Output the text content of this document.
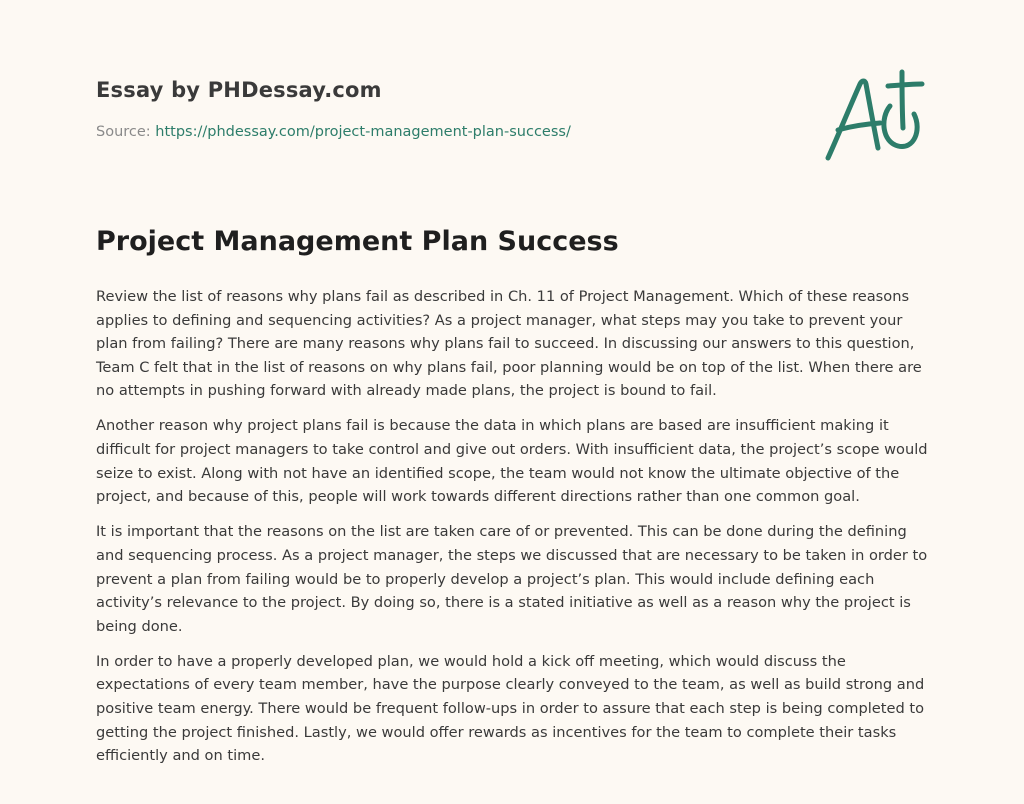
Essay by PHDessay.com
Source: https://phdessay.com/project-management-plan-success/
Project Management Plan Success

Review the list of reasons why plans fail as described in Ch. 11 of Project Management. Which of these reasons applies to defining and sequencing activities? As a project manager, what steps may you take to prevent your plan from failing? There are many reasons why plans fail to succeed. In discussing our answers to this question, Team C felt that in the list of reasons on why plans fail, poor planning would be on top of the list. When there are no attempts in pushing forward with already made plans, the project is bound to fail.

Another reason why project plans fail is because the data in which plans are based are insufficient making it difficult for project managers to take control and give out orders. With insufficient data, the project’s scope would seize to exist. Along with not have an identified scope, the team would not know the ultimate objective of the project, and because of this, people will work towards different directions rather than one common goal.

It is important that the reasons on the list are taken care of or prevented. This can be done during the defining and sequencing process. As a project manager, the steps we discussed that are necessary to be taken in order to prevent a plan from failing would be to properly develop a project’s plan. This would include defining each activity’s relevance to the project. By doing so, there is a stated initiative as well as a reason why the project is being done.

In order to have a properly developed plan, we would hold a kick off meeting, which would discuss the expectations of every team member, have the purpose clearly conveyed to the team, as well as build strong and positive team energy. There would be frequent follow-ups in order to assure that each step is being completed to getting the project finished. Lastly, we would offer rewards as incentives for the team to complete their tasks efficiently and on time.
